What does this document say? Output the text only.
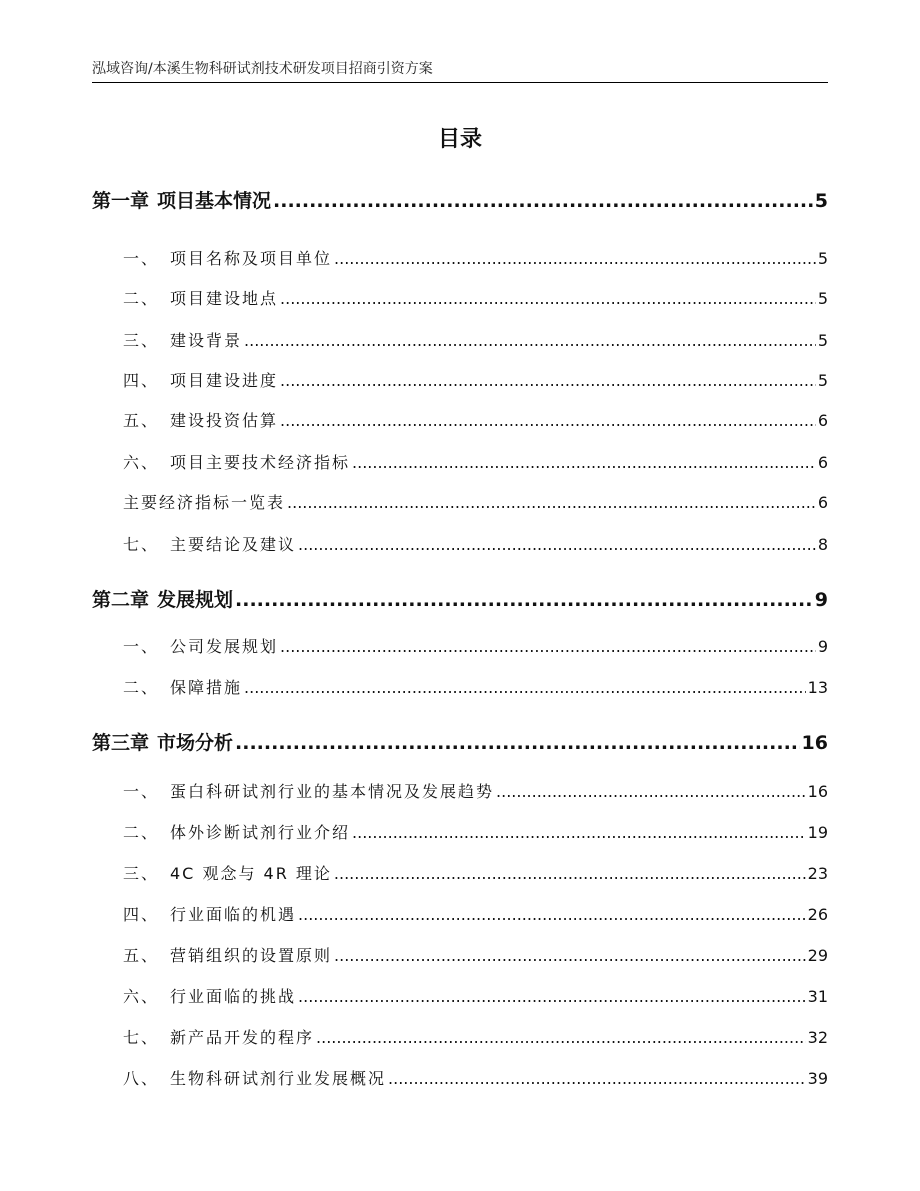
泓域咨询/本溪生物科研试剂技术研发项目招商引资方案
目录
第一章 项目基本情况 .....	5
一、 项目名称及项目单位 .....	5
二、 项目建设地点 .....	5
三、 建设背景 .....	5
四、 项目建设进度 .....	5
五、 建设投资估算 .....	6
六、 项目主要技术经济指标 .....	6
主要经济指标一览表 .....	6
七、 主要结论及建议 .....	8
第二章 发展规划 .....	9
一、 公司发展规划 .....	9
二、 保障措施 .....	13
第三章 市场分析 .....	16
一、 蛋白科研试剂行业的基本情况及发展趋势 .....	16
二、 体外诊断试剂行业介绍 .....	19
三、 4C 观念与 4R 理论 .....	23
四、 行业面临的机遇 .....	26
五、 营销组织的设置原则 .....	29
六、 行业面临的挑战 .....	31
七、 新产品开发的程序 .....	32
八、 生物科研试剂行业发展概况 .....	39
